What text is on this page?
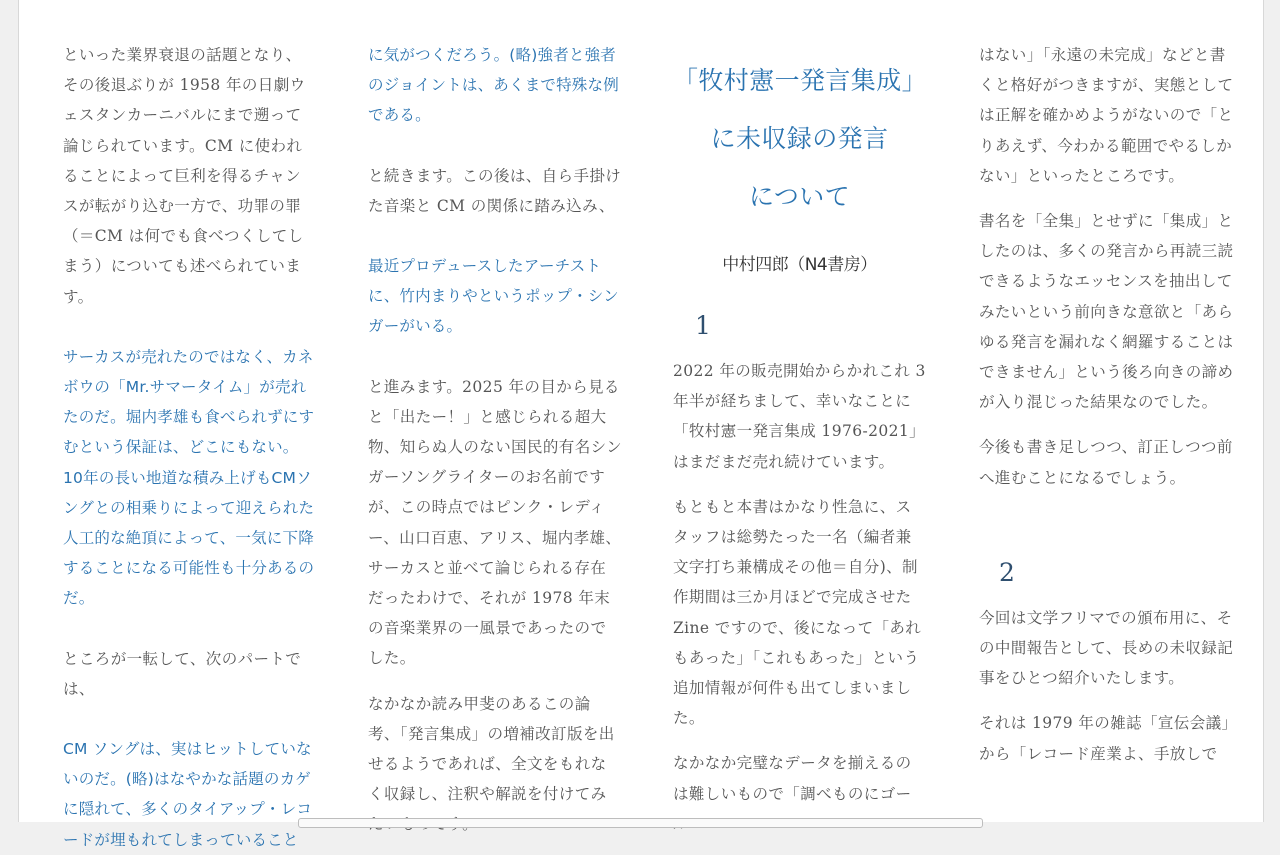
といった業界衰退の話題となり、その後退ぶりが 1958 年の日劇ウェスタンカーニバルにまで遡って論じられています。CM に使われることによって巨利を得るチャンスが転がり込む一方で、功罪の罪（＝CM は何でも食べつくしてしまう）についても述べられています。

サーカスが売れたのではなく、カネボウの「Mr.サマータイム」が売れたのだ。堀内孝雄も食べられずにすむという保証は、どこにもない。10年の長い地道な積み上げもCMソングとの相乗りによって迎えられた人工的な絶頂によって、一気に下降することになる可能性も十分あるのだ。

ところが一転して、次のパートでは、

CM ソングは、実はヒットしていないのだ。(略)はなやかな話題のカゲに隠れて、多くのタイアップ・レコードが埋もれてしまっていること

に気がつくだろう。(略)強者と強者のジョイントは、あくまで特殊な例である。

と続きます。この後は、自ら手掛けた音楽と CM の関係に踏み込み、

最近プロデュースしたアーチストに、竹内まりやというポップ・シンガーがいる。

と進みます。2025 年の目から見ると「出たー！」と感じられる超大物、知らぬ人のない国民的有名シンガーソングライターのお名前ですが、この時点ではピンク・レディー、山口百恵、アリス、堀内孝雄、サーカスと並べて論じられる存在だったわけで、それが 1978 年末の音楽業界の一風景であったのでした。

なかなか読み甲斐のあるこの論考、「発言集成」の増補改訂版を出せるようであれば、全文をもれなく収録し、注釈や解説を付けてみ

「牧村憲一発言集成」

に未収録の発言

について

中村四郎（N4書房）

1

2022 年の販売開始からかれこれ 3 年半が経ちまして、幸いなことに「牧村憲一発言集成 1976-2021」はまだまだ売れ続けています。

もともと本書はかなり性急に、スタッフは総勢たった一名（編者兼文字打ち兼構成その他＝自分)、制作期間は三か月ほどで完成させた Zine ですので、後になって「あれもあった」「これもあった」という追加情報が何件も出てしまいました。

なかなか完璧なデータを揃えるのは難しいもので「調べものにゴー

はない」「永遠の未完成」などと書くと格好がつきますが、実態としては正解を確かめようがないので「とりあえず、今わかる範囲でやるしかない」といったところです。

書名を「全集」とせずに「集成」としたのは、多くの発言から再読三読できるようなエッセンスを抽出してみたいという前向きな意欲と「あらゆる発言を漏れなく網羅することはできません」という後ろ向きの諦めが入り混じった結果なのでした。

今後も書き足しつつ、訂正しつつ前へ進むことになるでしょう。

2

今回は文学フリマでの頒布用に、その中間報告として、長めの未収録記事をひとつ紹介いたします。

それは 1979 年の雑誌「宣伝会議」から「レコード産業よ、手放しで
